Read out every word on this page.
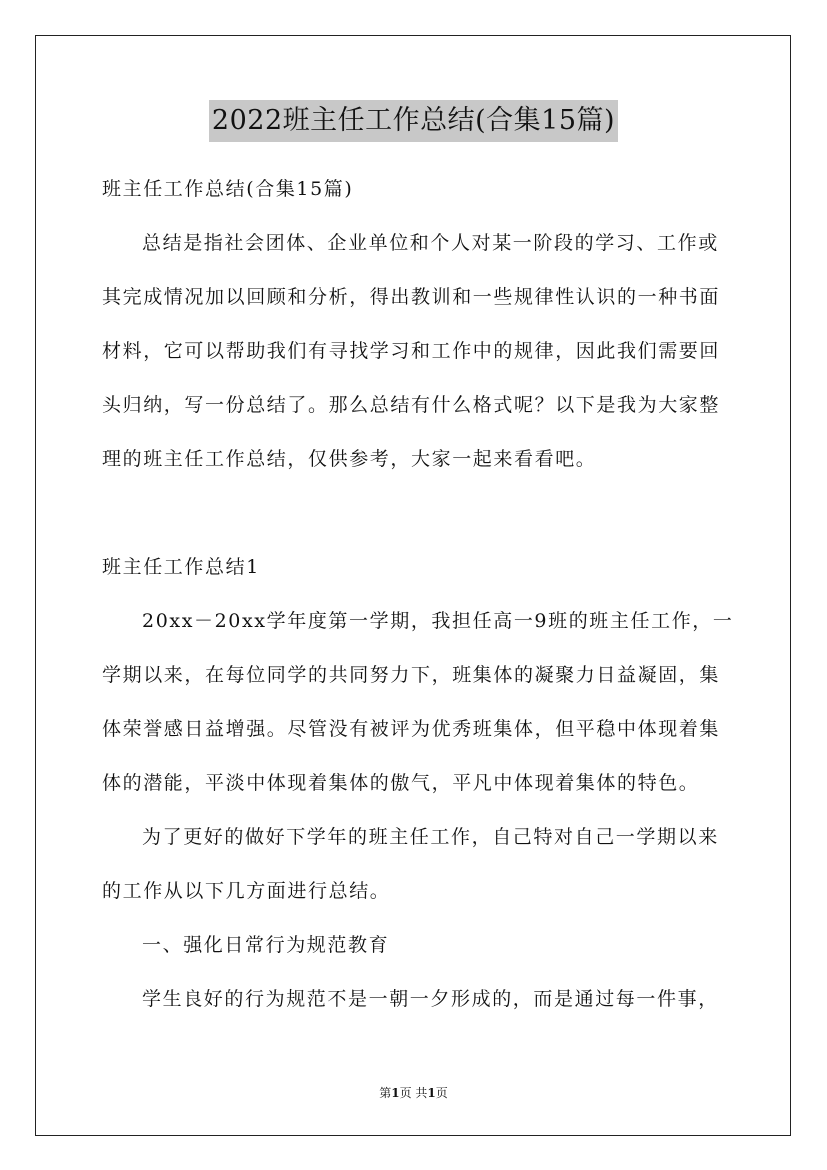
2022班主任工作总结(合集15篇)

班主任工作总结(合集15篇)

总结是指社会团体、企业单位和个人对某一阶段的学习、工作或

其完成情况加以回顾和分析，得出教训和一些规律性认识的一种书面

材料，它可以帮助我们有寻找学习和工作中的规律，因此我们需要回

头归纳，写一份总结了。那么总结有什么格式呢？以下是我为大家整

理的班主任工作总结，仅供参考，大家一起来看看吧。

班主任工作总结1

20xx－20xx学年度第一学期，我担任高一9班的班主任工作，一

学期以来，在每位同学的共同努力下，班集体的凝聚力日益凝固，集

体荣誉感日益增强。尽管没有被评为优秀班集体，但平稳中体现着集

体的潜能，平淡中体现着集体的傲气，平凡中体现着集体的特色。

为了更好的做好下学年的班主任工作，自己特对自己一学期以来

的工作从以下几方面进行总结。

一、强化日常行为规范教育

学生良好的行为规范不是一朝一夕形成的，而是通过每一件事，

第1页 共1页
